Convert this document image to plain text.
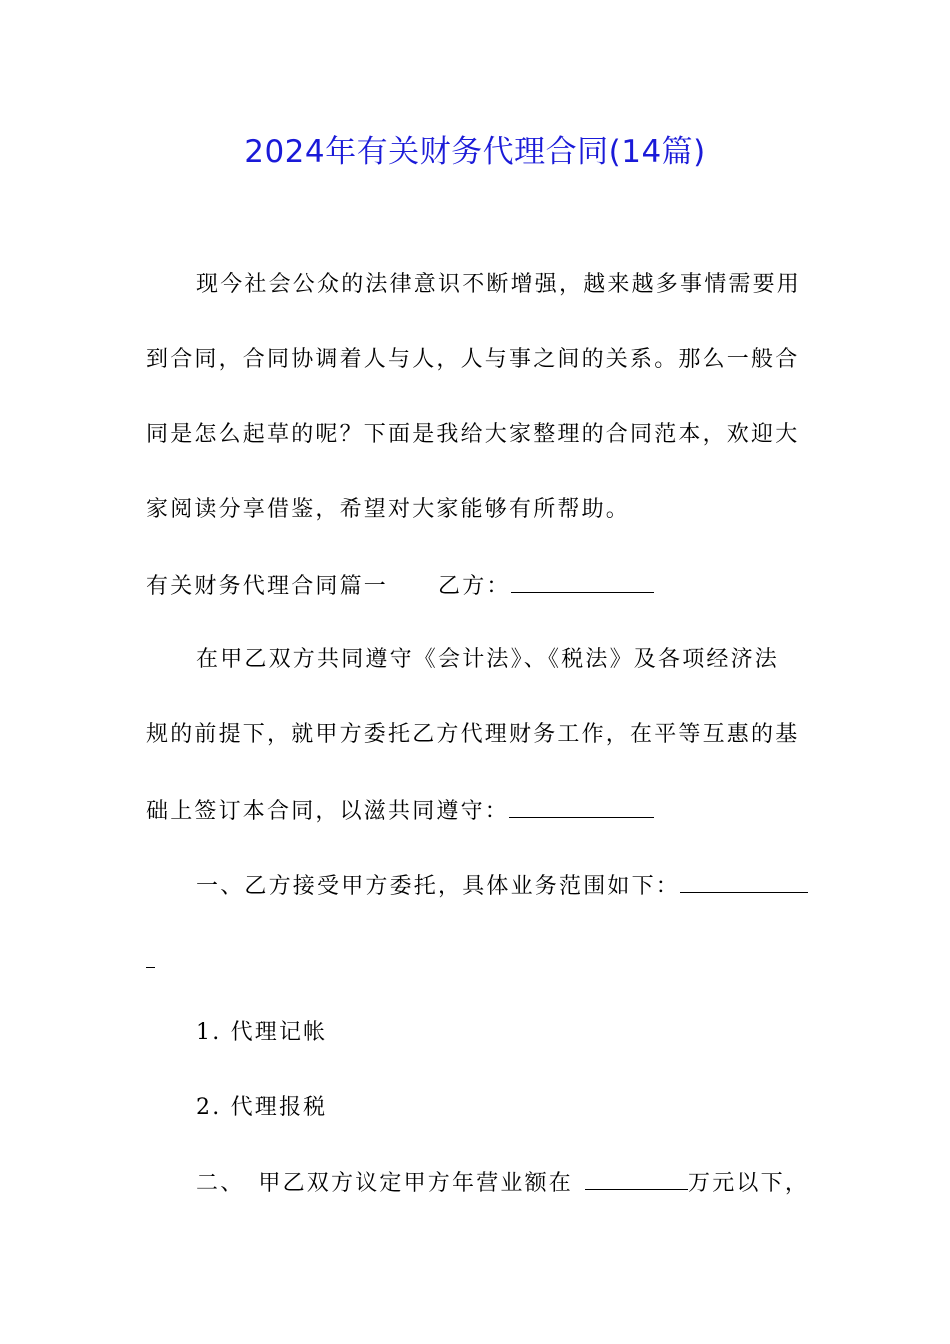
2024年有关财务代理合同(14篇)
现今社会公众的法律意识不断增强，越来越多事情需要用
到合同，合同协调着人与人，人与事之间的关系。那么一般合
同是怎么起草的呢？下面是我给大家整理的合同范本，欢迎大
家阅读分享借鉴，希望对大家能够有所帮助。
有关财务代理合同篇一 乙方：
在甲乙双方共同遵守《会计法》、《税法》及各项经济法
规的前提下，就甲方委托乙方代理财务工作，在平等互惠的基
础上签订本合同，以滋共同遵守：
一、乙方接受甲方委托，具体业务范围如下：
1. 代理记帐
2. 代理报税
二、 甲乙双方议定甲方年营业额在	万元以下，
